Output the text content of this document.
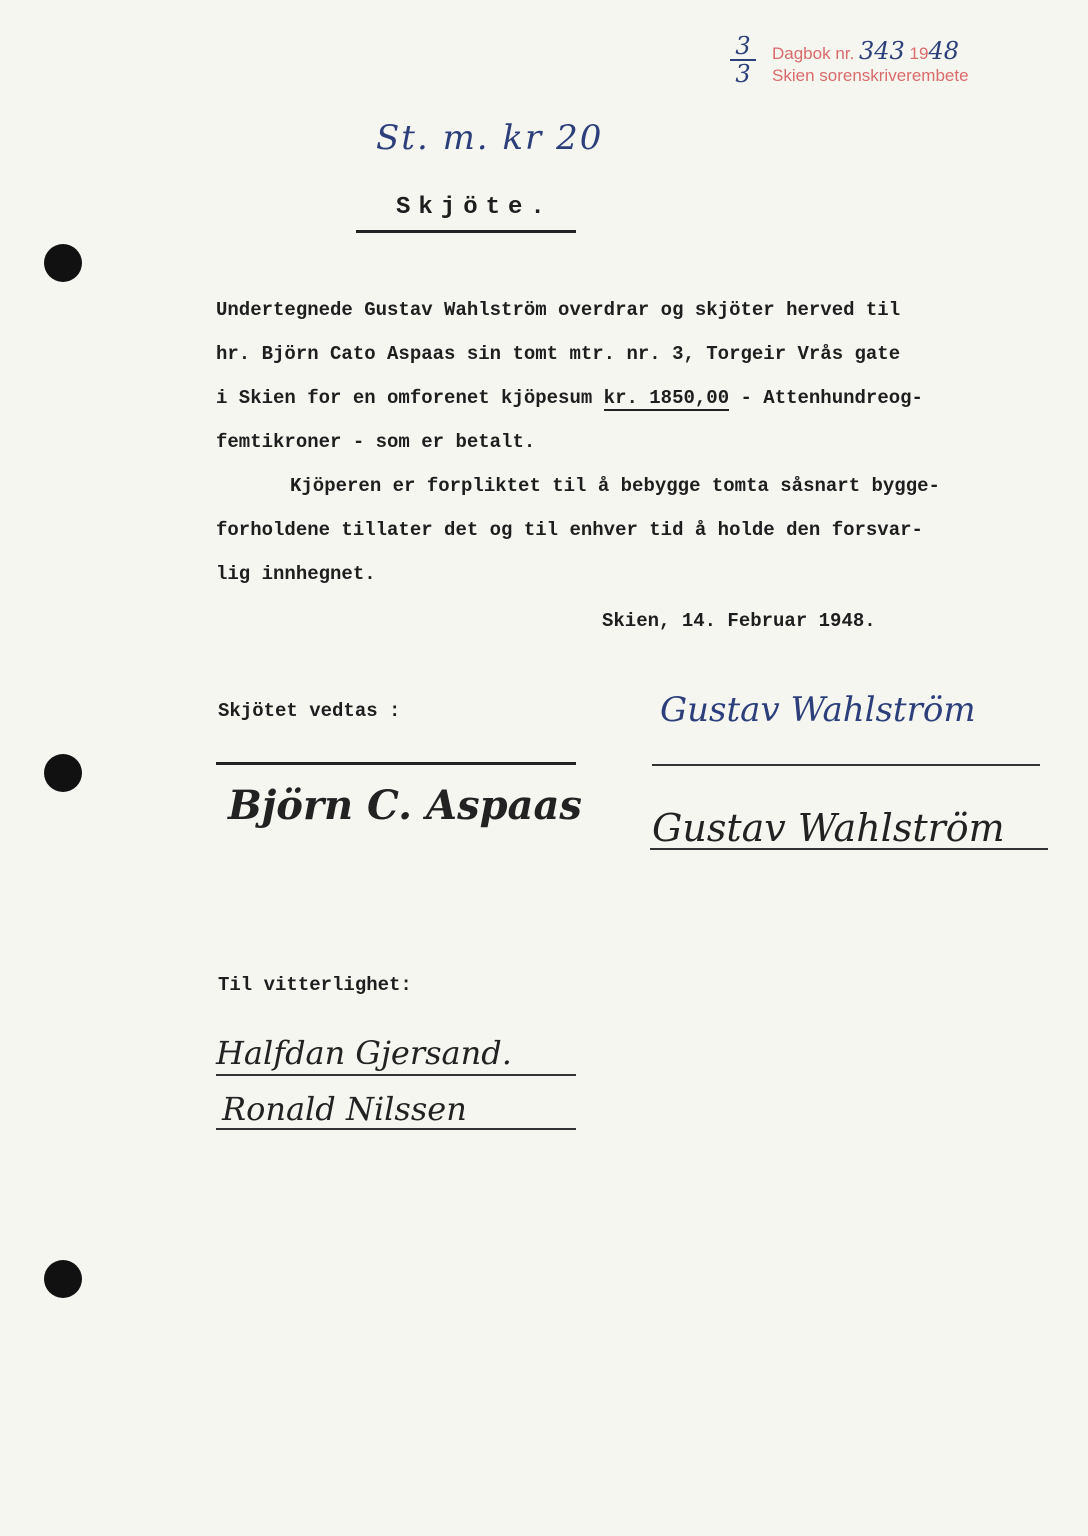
3
3
Dagbok nr. 343 1948
Skien sorenskriverembete
St. m. kr 20
Skjöte.

Undertegnede Gustav Wahlström overdrar og skjöter herved til

hr. Björn Cato Aspaas sin tomt mtr. nr. 3, Torgeir Vrås gate

i Skien for en omforenet kjöpesum kr. 1850,00 - Attenhundreog-

femtikroner - som er betalt.

Kjöperen er forpliktet til å bebygge tomta såsnart bygge-

forholdene tillater det og til enhver tid å holde den forsvar-

lig innhegnet.

Skien, 14. Februar 1948.
Skjötet vedtas :	Gustav Wahlström
Björn C. Aspaas Gustav Wahlström
Til vitterlighet:
Halfdan Gjersand.
Ronald Nilssen
